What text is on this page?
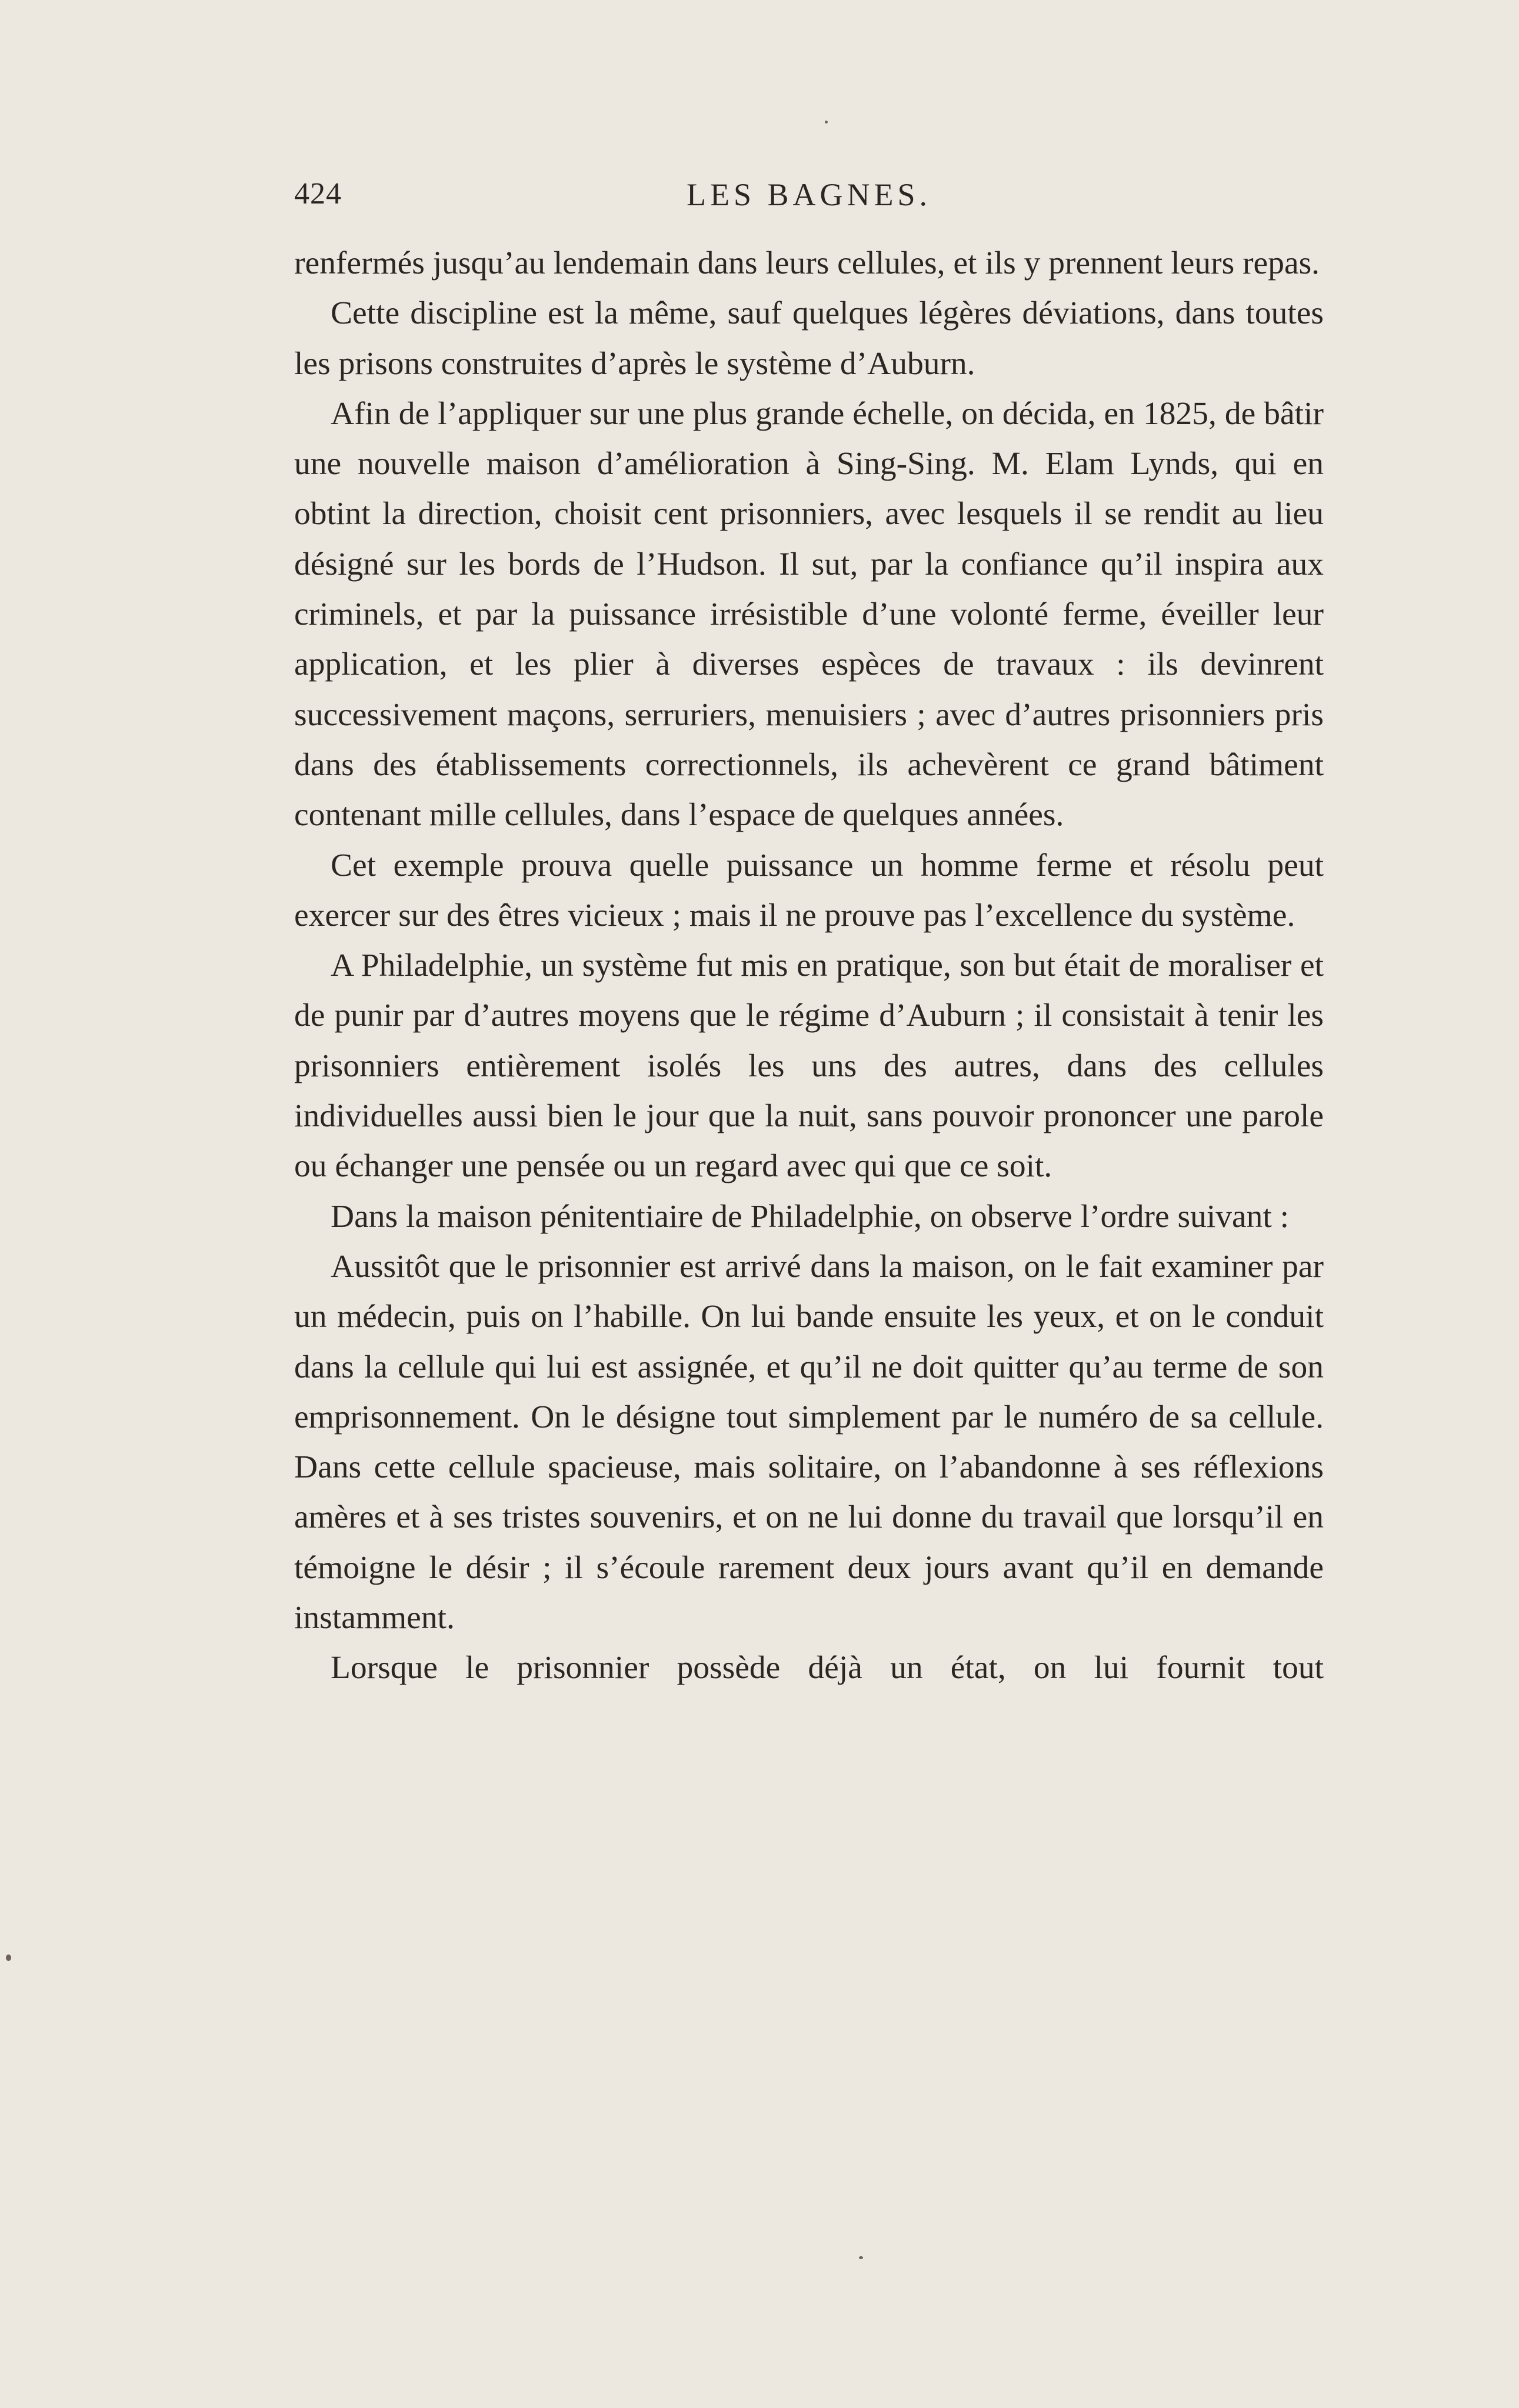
424	LES BAGNES.

renfermés jusqu’au lendemain dans leurs cellules, et ils y prennent leurs repas.

Cette discipline est la même, sauf quelques légères déviations, dans toutes les prisons construites d’après le système d’Auburn.

Afin de l’appliquer sur une plus grande échelle, on décida, en 1825, de bâtir une nouvelle maison d’amélioration à Sing-Sing. M. Elam Lynds, qui en obtint la direction, choisit cent prisonniers, avec lesquels il se rendit au lieu désigné sur les bords de l’Hudson. Il sut, par la confiance qu’il inspira aux criminels, et par la puissance irrésistible d’une volonté ferme, éveiller leur application, et les plier à diverses espèces de travaux : ils devinrent successivement maçons, serruriers, menuisiers ; avec d’autres prisonniers pris dans des établissements correctionnels, ils achevèrent ce grand bâtiment contenant mille cellules, dans l’espace de quelques années.

Cet exemple prouva quelle puissance un homme ferme et résolu peut exercer sur des êtres vicieux ; mais il ne prouve pas l’excellence du système.

A Philadelphie, un système fut mis en pratique, son but était de moraliser et de punir par d’autres moyens que le régime d’Auburn ; il consistait à tenir les prisonniers entièrement isolés les uns des autres, dans des cellules individuelles aussi bien le jour que la nuit, sans pouvoir prononcer une parole ou échanger une pensée ou un regard avec qui que ce soit.

Dans la maison pénitentiaire de Philadelphie, on observe l’ordre suivant :

Aussitôt que le prisonnier est arrivé dans la maison, on le fait examiner par un médecin, puis on l’habille. On lui bande ensuite les yeux, et on le conduit dans la cellule qui lui est assignée, et qu’il ne doit quitter qu’au terme de son emprisonnement. On le désigne tout simplement par le numéro de sa cellule. Dans cette cellule spacieuse, mais solitaire, on l’abandonne à ses réflexions amères et à ses tristes souvenirs, et on ne lui donne du travail que lorsqu’il en témoigne le désir ; il s’écoule rarement deux jours avant qu’il en demande instamment.

Lorsque le prisonnier possède déjà un état, on lui fournit tout
